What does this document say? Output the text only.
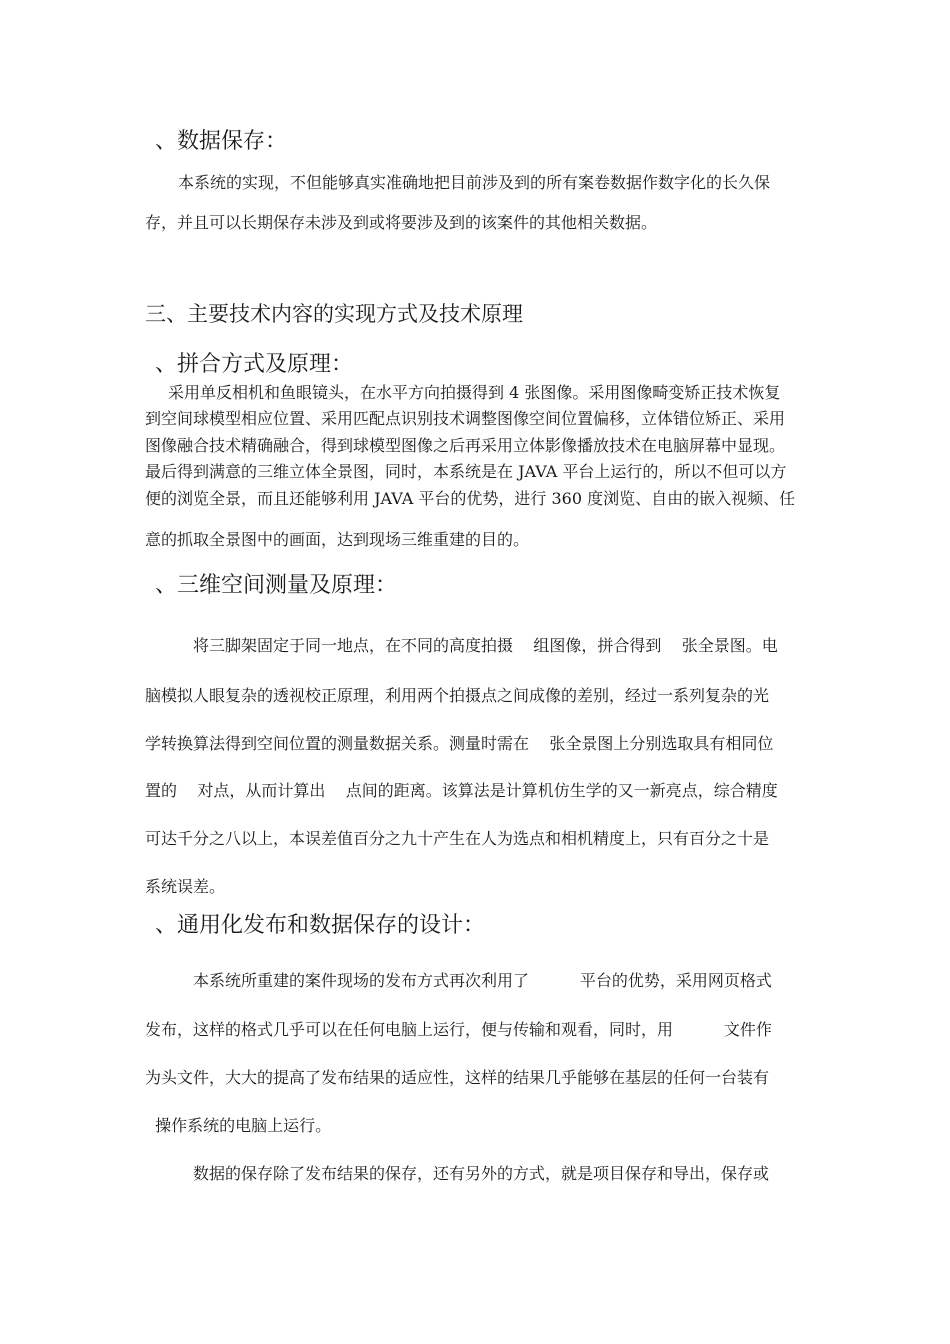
、数据保存：
本系统的实现，不但能够真实准确地把目前涉及到的所有案卷数据作数字化的长久保
存，并且可以长期保存未涉及到或将要涉及到的该案件的其他相关数据。
三、主要技术内容的实现方式及技术原理
、拼合方式及原理：
采用单反相机和鱼眼镜头，在水平方向拍摄得到 4 张图像。采用图像畸变矫正技术恢复
到空间球模型相应位置、采用匹配点识别技术调整图像空间位置偏移，立体错位矫正、采用
图像融合技术精确融合，得到球模型图像之后再采用立体影像播放技术在电脑屏幕中显现。
最后得到满意的三维立体全景图，同时，本系统是在 JAVA 平台上运行的，所以不但可以方
便的浏览全景，而且还能够利用 JAVA 平台的优势，进行 360 度浏览、自由的嵌入视频、任
意的抓取全景图中的画面，达到现场三维重建的目的。
、三维空间测量及原理：
将三脚架固定于同一地点，在不同的高度拍摄    组图像，拼合得到    张全景图。电
脑模拟人眼复杂的透视校正原理，利用两个拍摄点之间成像的差别，经过一系列复杂的光
学转换算法得到空间位置的测量数据关系。测量时需在    张全景图上分别选取具有相同位
置的    对点，从而计算出    点间的距离。该算法是计算机仿生学的又一新亮点，综合精度
可达千分之八以上，本误差值百分之九十产生在人为选点和相机精度上，只有百分之十是
系统误差。
、通用化发布和数据保存的设计：
本系统所重建的案件现场的发布方式再次利用了          平台的优势，采用网页格式
发布，这样的格式几乎可以在任何电脑上运行，便与传输和观看，同时，用          文件作
为头文件，大大的提高了发布结果的适应性，这样的结果几乎能够在基层的任何一台装有
操作系统的电脑上运行。
数据的保存除了发布结果的保存，还有另外的方式，就是项目保存和导出，保存或
